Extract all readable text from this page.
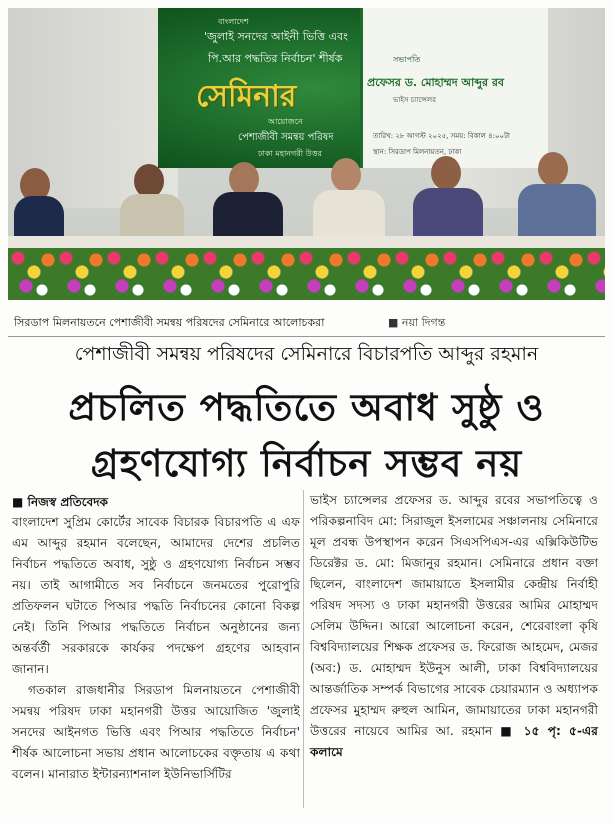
বাংলাদেশ
'জুলাই সনদের আইনী ভিত্তি এবং
পি.আর পদ্ধতির নির্বাচন' শীর্ষক
সেমিনার
আয়োজনে
পেশাজীবী সমন্বয় পরিষদ
ঢাকা মহানগরী উত্তর
সভাপতি
প্রফেসর ড. মোহাম্মদ আব্দুর রব
ভাইস চ্যান্সেলর
তারিখ: ২৮ আগস্ট ২০২৫, সময়: বিকাল ৪:০০টা
স্থান: সিরডাপ মিলনায়তন, ঢাকা
সিরডাপ মিলনায়তনে পেশাজীবী সমন্বয় পরিষদের সেমিনারে আলোচকরা	■ নয়া দিগন্ত
পেশাজীবী সমন্বয় পরিষদের সেমিনারে বিচারপতি আব্দুর রহমান
প্রচলিত পদ্ধতিতে অবাধ সুষ্ঠু ও
গ্রহণযোগ্য নির্বাচন সম্ভব নয়
■ নিজস্ব প্রতিবেদক

বাংলাদেশ সুপ্রিম কোর্টের সাবেক বিচারক বিচারপতি এ এফ এম আব্দুর রহমান বলেছেন, আমাদের দেশের প্রচলিত নির্বাচন পদ্ধতিতে অবাধ, সুষ্ঠু ও গ্রহণযোগ্য নির্বাচন সম্ভব নয়। তাই আগামীতে সব নির্বাচনে জনমতের পুরোপুরি প্রতিফলন ঘটাতে পিআর পদ্ধতি নির্বাচনের কোনো বিকল্প নেই। তিনি পিআর পদ্ধতিতে নির্বাচন অনুষ্ঠানের জন্য অন্তর্বর্তী সরকারকে কার্যকর পদক্ষেপ গ্রহণের আহবান জানান।

গতকাল রাজধানীর সিরডাপ মিলনায়তনে পেশাজীবী সমন্বয় পরিষদ ঢাকা মহানগরী উত্তর আয়োজিত 'জুলাই সনদের আইনগত ভিত্তি এবং পিআর পদ্ধতিতে নির্বাচন' শীর্ষক আলোচনা সভায় প্রধান আলোচকের বক্তৃতায় এ কথা বলেন। মানারাত ইন্টারন্যাশনাল ইউনিভার্সিটির

ভাইস চ্যান্সেলর প্রফেসর ড. আব্দুর রবের সভাপতিত্বে ও পরিকল্পনাবিদ মো: সিরাজুল ইসলামের সঞ্চালনায় সেমিনারে মূল প্রবন্ধ উপস্থাপন করেন সিএসপিএস-এর এক্সিকিউটিভ ডিরেক্টর ড. মো: মিজানুর রহমান। সেমিনারে প্রধান বক্তা ছিলেন, বাংলাদেশ জামায়াতে ইসলামীর কেন্দ্রীয় নির্বাহী পরিষদ সদস্য ও ঢাকা মহানগরী উত্তরের আমির মোহাম্মদ সেলিম উদ্দিন। আরো আলোচনা করেন, শেরেবাংলা কৃষি বিশ্ববিদ্যালয়ের শিক্ষক প্রফেসর ড. ফিরোজ আহমেদ, মেজর (অব:) ড. মোহাম্মদ ইউনুস আলী, ঢাকা বিশ্ববিদ্যালয়ের আন্তর্জাতিক সম্পর্ক বিভাগের সাবেক চেয়ারম্যান ও অধ্যাপক প্রফেসর মুহাম্মদ রুহুল আমিন, জামায়াতের ঢাকা মহানগরী উত্তরের নায়েবে আমির আ. রহমান ■ ১৫ পৃ: ৫-এর কলামে
